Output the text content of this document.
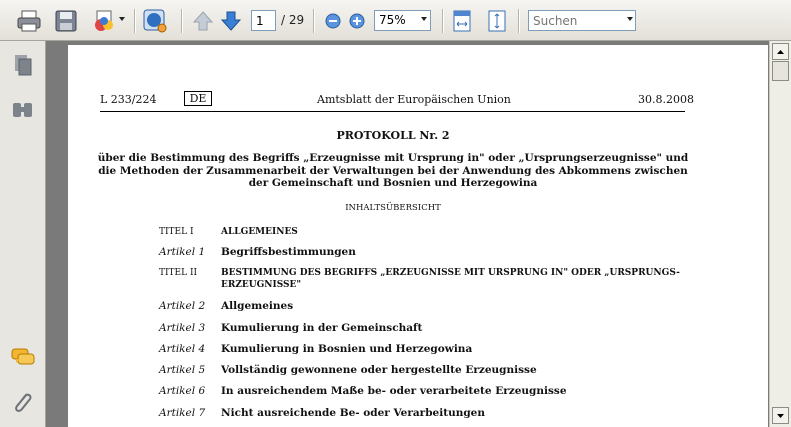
1
/ 29	75%
Suchen
L 233/224	DE	Amtsblatt der Europäischen Union	30.8.2008
PROTOKOLL Nr. 2
über die Bestimmung des Begriffs „Erzeugnisse mit Ursprung in" oder „Ursprungserzeugnisse" und
die Methoden der Zusammenarbeit der Verwaltungen bei der Anwendung des Abkommens zwischen
der Gemeinschaft und Bosnien und Herzegowina
INHALTSÜBERSICHT
TITEL I	ALLGEMEINES
Artikel 1 Begriffsbestimmungen
TITEL II	BESTIMMUNG DES BEGRIFFS „ERZEUGNISSE MIT URSPRUNG IN" ODER „URSPRUNGS-
ERZEUGNISSE"
Artikel 2 Allgemeines
Artikel 3 Kumulierung in der Gemeinschaft
Artikel 4 Kumulierung in Bosnien und Herzegowina
Artikel 5 Vollständig gewonnene oder hergestellte Erzeugnisse
Artikel 6 In ausreichendem Maße be- oder verarbeitete Erzeugnisse
Artikel 7 Nicht ausreichende Be- oder Verarbeitungen
